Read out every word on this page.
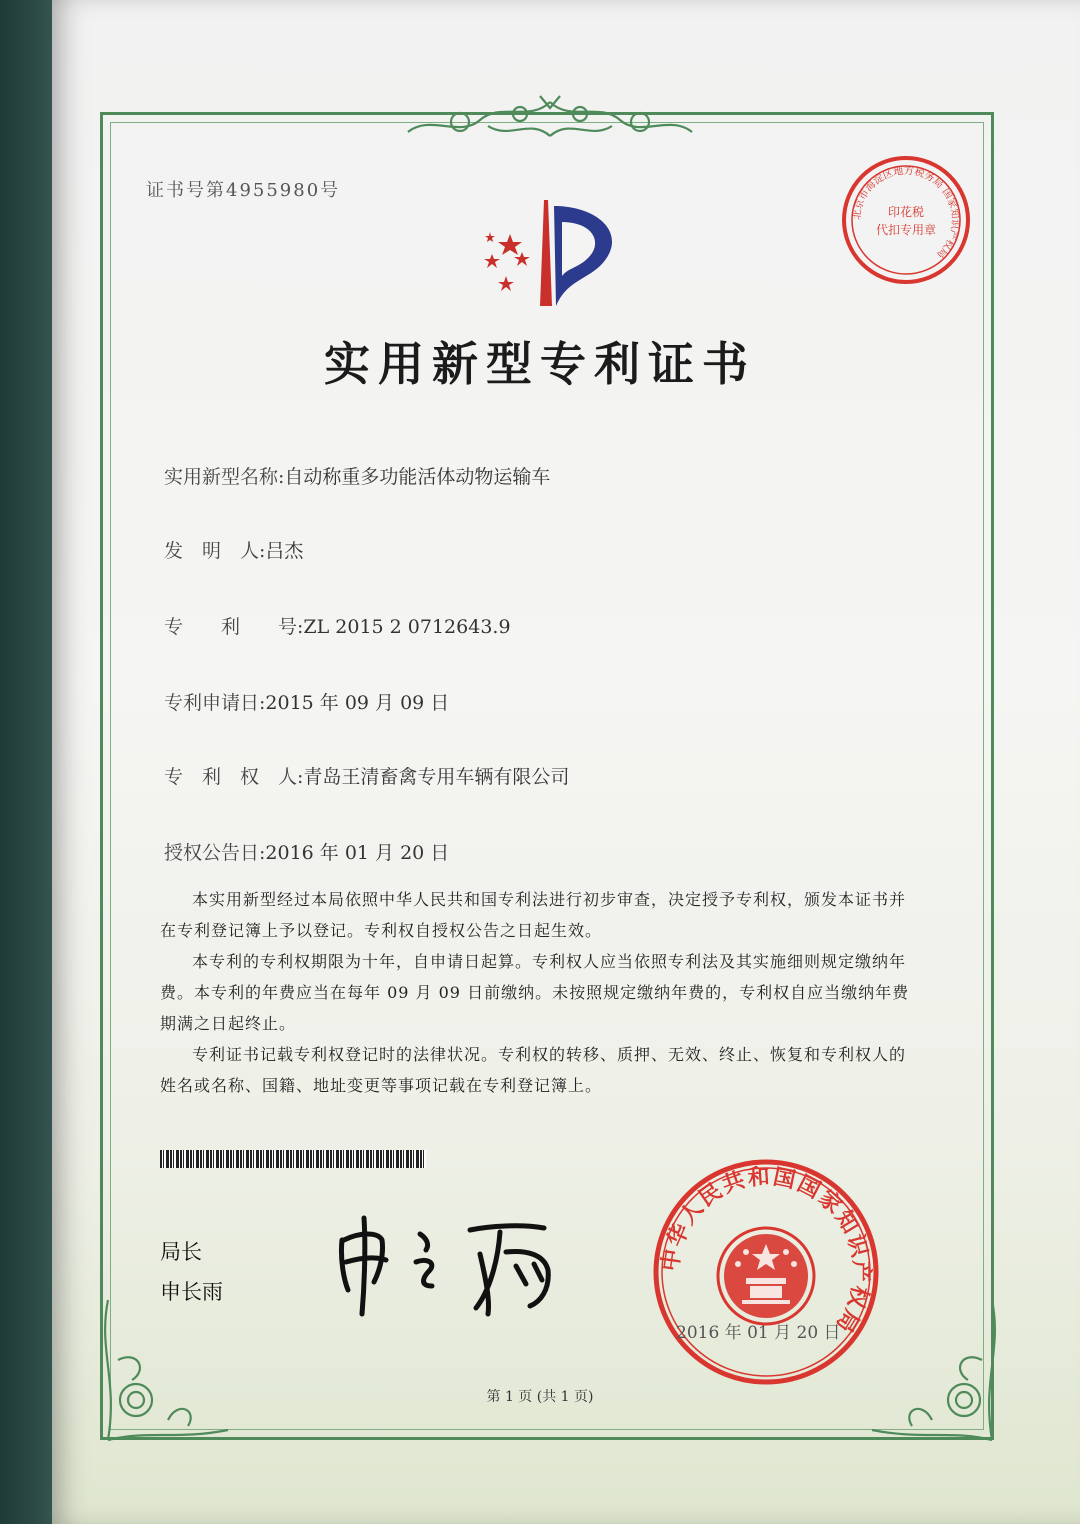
证书号第4955980号
实用新型专利证书
实用新型名称:自动称重多功能活体动物运输车
发　明　人:吕杰
专　　利　　号:ZL 2015 2 0712643.9
专利申请日:2015 年 09 月 09 日
专　利　权　人:青岛王清畜禽专用车辆有限公司
授权公告日:2016 年 01 月 20 日

本实用新型经过本局依照中华人民共和国专利法进行初步审查，决定授予专利权，颁发本证书并在专利登记簿上予以登记。专利权自授权公告之日起生效。

本专利的专利权期限为十年，自申请日起算。专利权人应当依照专利法及其实施细则规定缴纳年费。本专利的年费应当在每年 09 月 09 日前缴纳。未按照规定缴纳年费的，专利权自应当缴纳年费期满之日起终止。

专利证书记载专利权登记时的法律状况。专利权的转移、质押、无效、终止、恢复和专利权人的姓名或名称、国籍、地址变更等事项记载在专利登记簿上。

局长
申长雨
北京市海淀区地方税务局 国家知识产权局
印花税
代扣专用章
中华人民共和国国家知识产权局
2016 年 01 月 20 日
第 1 页 (共 1 页)
